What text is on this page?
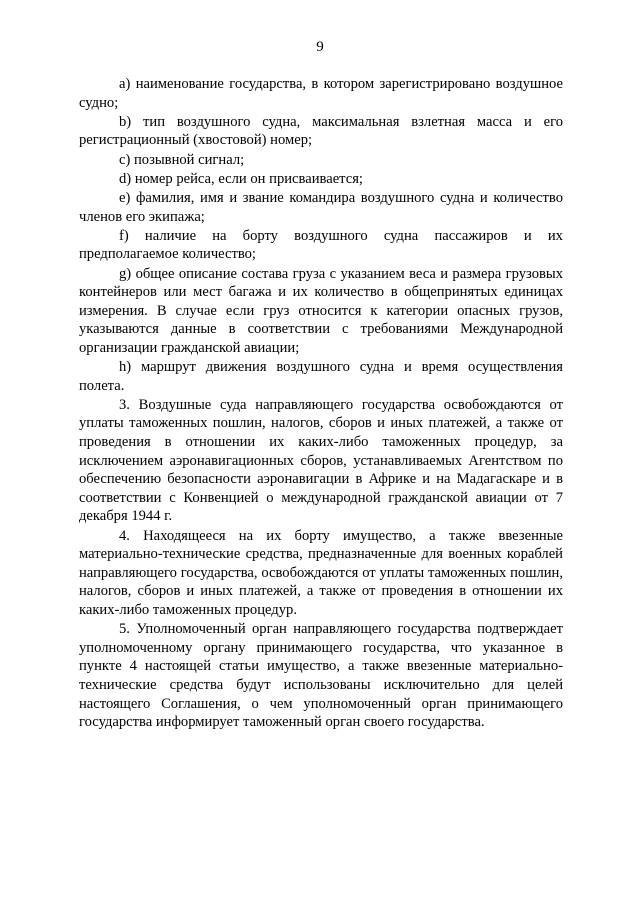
9

a) наименование государства, в котором зарегистрировано воздушное судно;

b) тип воздушного судна, максимальная взлетная масса и его регистрационный (хвостовой) номер;

c) позывной сигнал;

d) номер рейса, если он присваивается;

e) фамилия, имя и звание командира воздушного судна и количество членов его экипажа;

f) наличие на борту воздушного судна пассажиров и их предполагаемое количество;

g) общее описание состава груза с указанием веса и размера грузовых контейнеров или мест багажа и их количество в общепринятых единицах измерения. В случае если груз относится к категории опасных грузов, указываются данные в соответствии с требованиями Международной организации гражданской авиации;

h) маршрут движения воздушного судна и время осуществления полета.

3. Воздушные суда направляющего государства освобождаются от уплаты таможенных пошлин, налогов, сборов и иных платежей, а также от проведения в отношении их каких-либо таможенных процедур, за исключением аэронавигационных сборов, устанавливаемых Агентством по обеспечению безопасности аэронавигации в Африке и на Мадагаскаре и в соответствии с Конвенцией о международной гражданской авиации от 7 декабря 1944 г.

4. Находящееся на их борту имущество, а также ввезенные материально-технические средства, предназначенные для военных кораблей направляющего государства, освобождаются от уплаты таможенных пошлин, налогов, сборов и иных платежей, а также от проведения в отношении их каких-либо таможенных процедур.

5. Уполномоченный орган направляющего государства подтверждает уполномоченному органу принимающего государства, что указанное в пункте 4 настоящей статьи имущество, а также ввезенные материально-технические средства будут использованы исключительно для целей настоящего Соглашения, о чем уполномоченный орган принимающего государства информирует таможенный орган своего государства.
